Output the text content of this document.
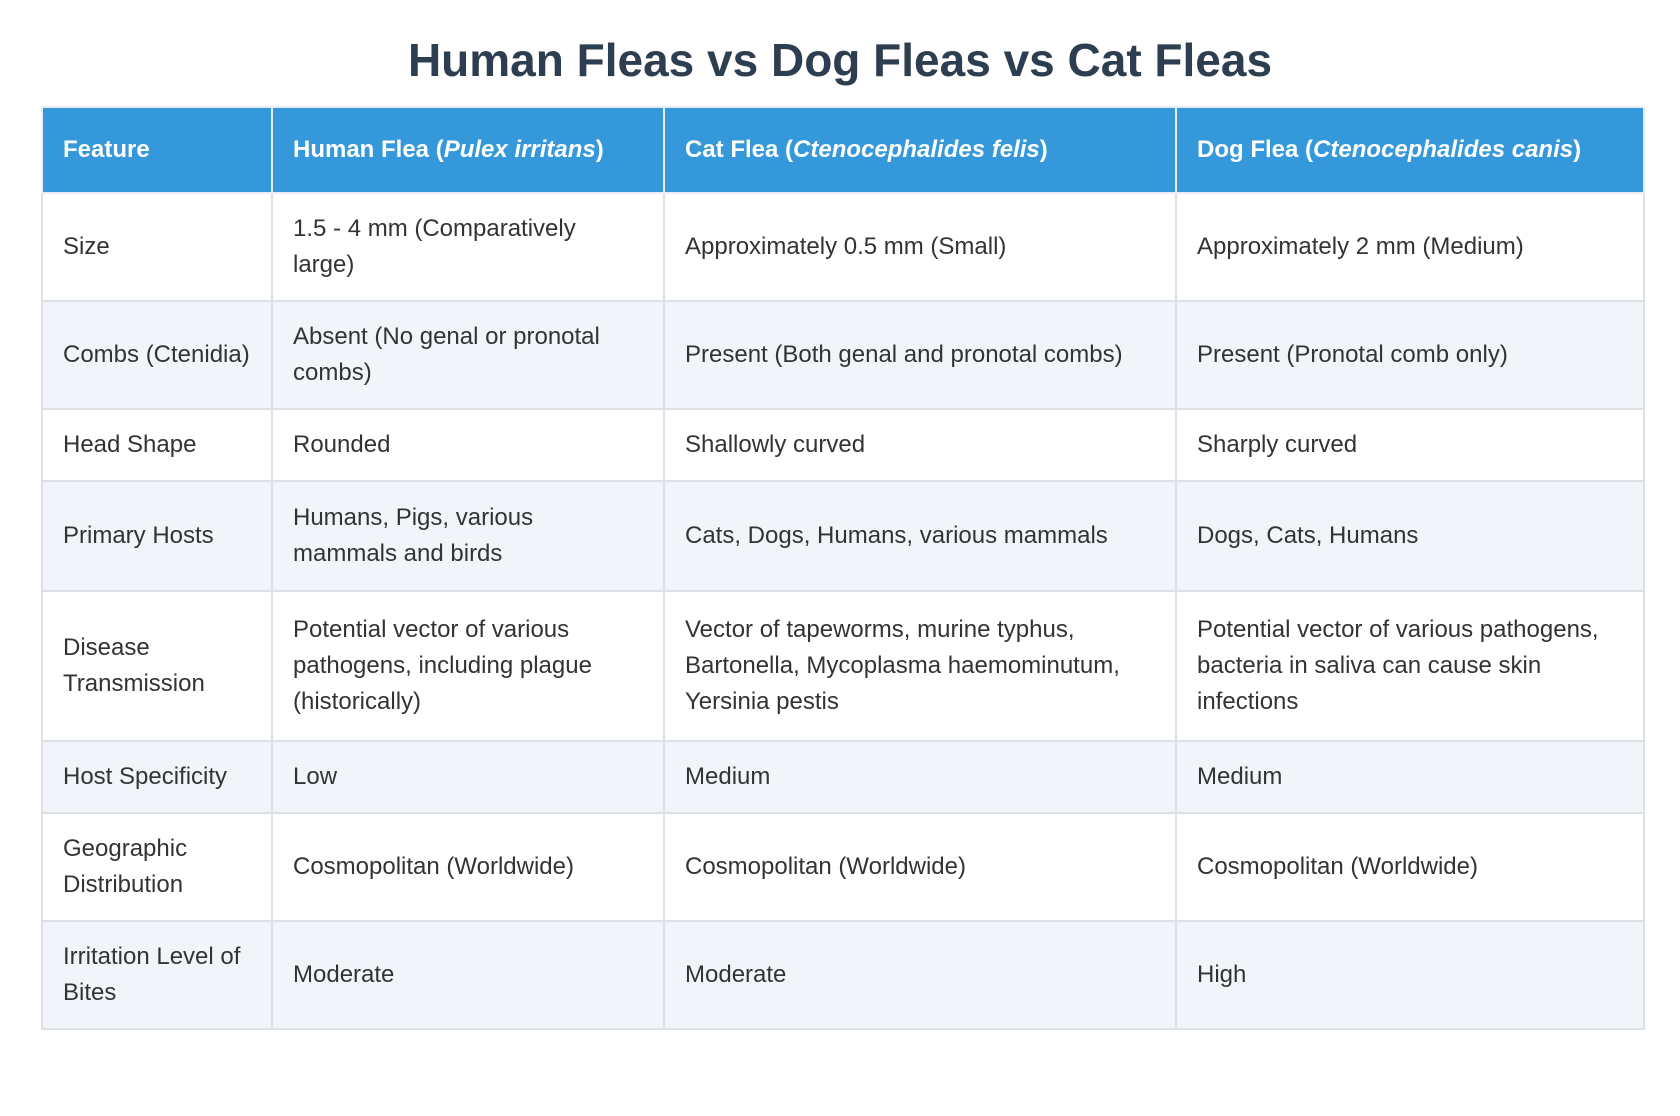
Human Fleas vs Dog Fleas vs Cat Fleas
Feature	Human Flea (Pulex irritans)	Cat Flea (Ctenocephalides felis)	Dog Flea (Ctenocephalides canis)
Size	1.5 - 4 mm (Comparatively large)	Approximately 0.5 mm (Small)	Approximately 2 mm (Medium)
Combs (Ctenidia)	Absent (No genal or pronotal combs)	Present (Both genal and pronotal combs)	Present (Pronotal comb only)
Head Shape	Rounded	Shallowly curved	Sharply curved
Primary Hosts	Humans, Pigs, various mammals and birds	Cats, Dogs, Humans, various mammals	Dogs, Cats, Humans
Disease Transmission	Potential vector of various pathogens, including plague (historically)	Vector of tapeworms, murine typhus, Bartonella, Mycoplasma haemominutum, Yersinia pestis	Potential vector of various pathogens, bacteria in saliva can cause skin infections
Host Specificity	Low	Medium	Medium
Geographic Distribution	Cosmopolitan (Worldwide)	Cosmopolitan (Worldwide)	Cosmopolitan (Worldwide)
Irritation Level of Bites	Moderate	Moderate	High
